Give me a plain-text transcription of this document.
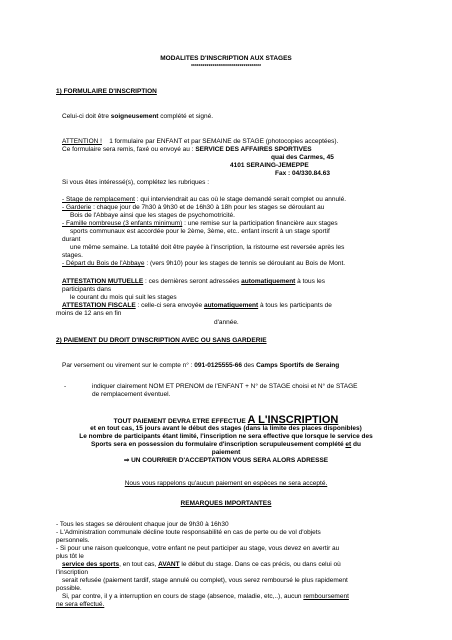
MODALITES D'INSCRIPTION AUX STAGES
************************************
1) FORMULAIRE D'INSCRIPTION
Celui-ci doit être soigneusement complété et signé.
ATTENTION ! 1 formulaire par ENFANT et par SEMAINE de STAGE (photocopies acceptées).
Ce formulaire sera remis, faxé ou envoyé au : SERVICE DES AFFAIRES SPORTIVES
quai des Carmes, 45
4101 SERAING-JEMEPPE
Fax : 04/330.84.63
Si vous êtes intéressé(s), complétez les rubriques :
- Stage de remplacement : qui interviendrait au cas où le stage demandé serait complet ou annulé.
- Garderie : chaque jour de 7h30 à 9h30 et de 16h30 à 18h pour les stages se déroulant au
Bois de l'Abbaye ainsi que les stages de psychomotricité.
- Famille nombreuse (3 enfants minimum) : une remise sur la participation financière aux stages
sports communaux est accordée pour le 2ème, 3ème, etc.. enfant inscrit à un stage sportif
durant
une même semaine. La totalité doit être payée à l'inscription, la ristourne est reversée après les
stages.
- Départ du Bois de l'Abbaye : (vers 9h10) pour les stages de tennis se déroulant au Bois de Mont.
ATTESTATION MUTUELLE : ces dernières seront adressées automatiquement à tous les
participants dans
le courant du mois qui suit les stages
ATTESTATION FISCALE : celle-ci sera envoyée automatiquement à tous les participants de
moins de 12 ans en fin
d'année.
2) PAIEMENT DU DROIT D'INSCRIPTION AVEC OU SANS GARDERIE
Par versement ou virement sur le compte n° : 091-0125555-66 des Camps Sportifs de Seraing
-	indiquer clairement NOM ET PRENOM de l'ENFANT + N° de STAGE choisi et N° de STAGE
de remplacement éventuel.
TOUT PAIEMENT DEVRA ETRE EFFECTUE A L'INSCRIPTION
et en tout cas, 15 jours avant le début des stages (dans la limite des places disponibles)
Le nombre de participants étant limité, l'inscription ne sera effective que lorsque le service des
Sports sera en possession du formulaire d'inscription scrupuleusement complété et du
paiement
⇒ UN COURRIER D'ACCEPTATION VOUS SERA ALORS ADRESSE
Nous vous rappelons qu'aucun paiement en espèces ne sera accepté.
REMARQUES IMPORTANTES
- Tous les stages se déroulent chaque jour de 9h30 à 16h30
- L'Administration communale décline toute responsabilité en cas de perte ou de vol d'objets
personnels.
- Si pour une raison quelconque, votre enfant ne peut participer au stage, vous devez en avertir au
plus tôt le
service des sports, en tout cas, AVANT le début du stage. Dans ce cas précis, ou dans celui où
l'inscription
serait refusée (paiement tardif, stage annulé ou complet), vous serez remboursé le plus rapidement
possible.
Si, par contre, il y a interruption en cours de stage (absence, maladie, etc,..), aucun remboursement
ne sera effectué.
